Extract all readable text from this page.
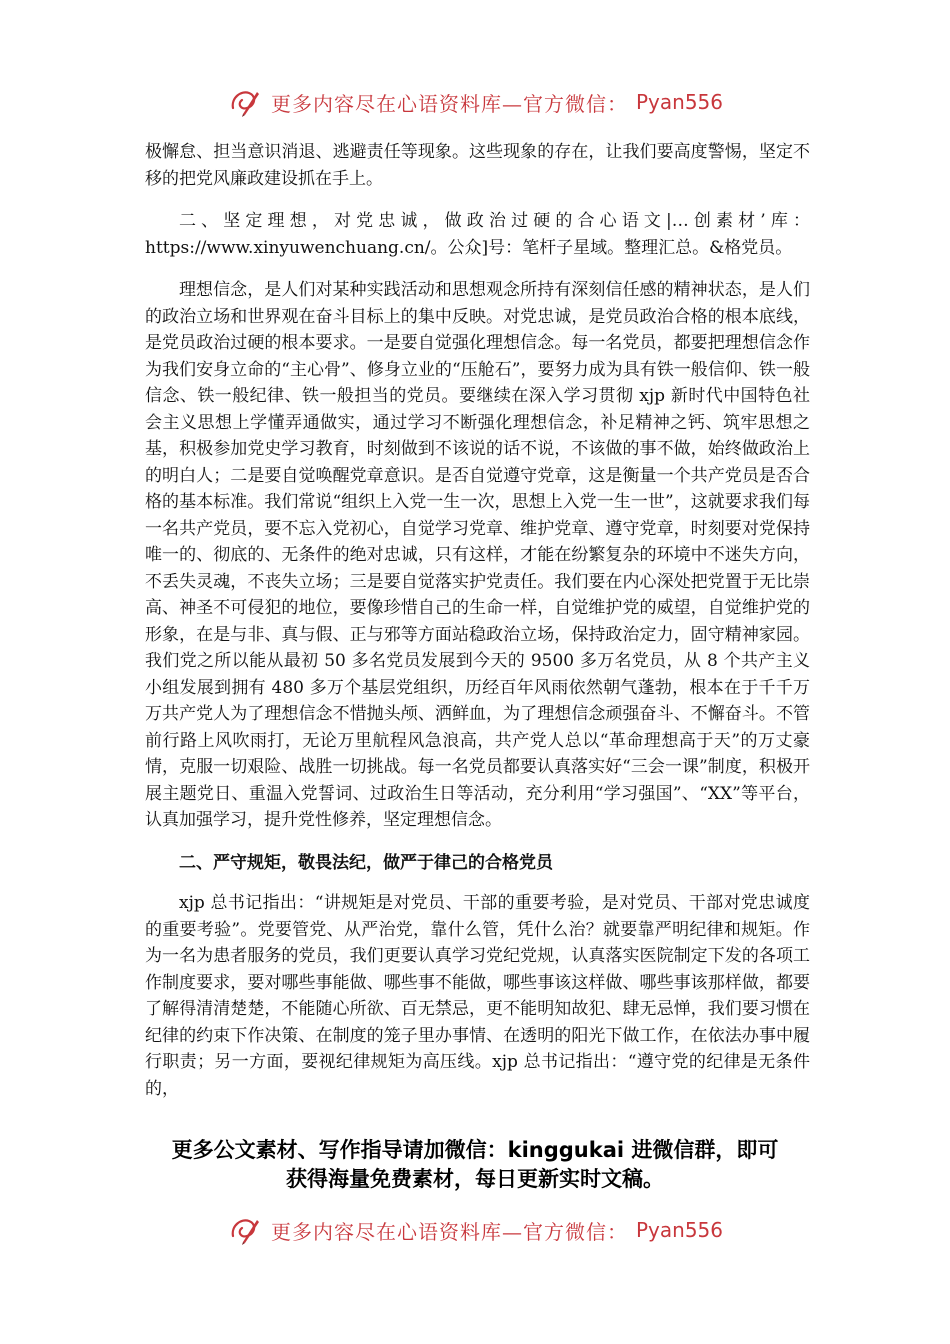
更多内容尽在心语资料库—官方微信： Pyan556

极懈怠、担当意识消退、逃避责任等现象。这些现象的存在，让我们要高度警惕，坚定不移的把党风廉政建设抓在手上。

二、坚定理想，对党忠诚，做政治过硬的合心语文|…创素材’库：https://www.xinyuwenchuang.cn/。公众]号：笔杆子星域。整理汇总。&格党员。

理想信念，是人们对某种实践活动和思想观念所持有深刻信任感的精神状态，是人们的政治立场和世界观在奋斗目标上的集中反映。对党忠诚，是党员政治合格的根本底线，是党员政治过硬的根本要求。一是要自觉强化理想信念。每一名党员，都要把理想信念作为我们安身立命的“主心骨”、修身立业的“压舱石”，要努力成为具有铁一般信仰、铁一般信念、铁一般纪律、铁一般担当的党员。要继续在深入学习贯彻 xjp 新时代中国特色社会主义思想上学懂弄通做实，通过学习不断强化理想信念，补足精神之钙、筑牢思想之基，积极参加党史学习教育，时刻做到不该说的话不说，不该做的事不做，始终做政治上的明白人；二是要自觉唤醒党章意识。是否自觉遵守党章，这是衡量一个共产党员是否合格的基本标准。我们常说“组织上入党一生一次，思想上入党一生一世”，这就要求我们每一名共产党员，要不忘入党初心，自觉学习党章、维护党章、遵守党章，时刻要对党保持唯一的、彻底的、无条件的绝对忠诚，只有这样，才能在纷繁复杂的环境中不迷失方向，不丢失灵魂，不丧失立场；三是要自觉落实护党责任。我们要在内心深处把党置于无比崇高、神圣不可侵犯的地位，要像珍惜自己的生命一样，自觉维护党的威望，自觉维护党的形象，在是与非、真与假、正与邪等方面站稳政治立场，保持政治定力，固守精神家园。我们党之所以能从最初 50 多名党员发展到今天的 9500 多万名党员，从 8 个共产主义小组发展到拥有 480 多万个基层党组织，历经百年风雨依然朝气蓬勃，根本在于千千万万共产党人为了理想信念不惜抛头颅、洒鲜血，为了理想信念顽强奋斗、不懈奋斗。不管前行路上风吹雨打，无论万里航程风急浪高，共产党人总以“革命理想高于天”的万丈豪情，克服一切艰险、战胜一切挑战。每一名党员都要认真落实好“三会一课”制度，积极开展主题党日、重温入党誓词、过政治生日等活动，充分利用“学习强国”、“XX”等平台，认真加强学习，提升党性修养，坚定理想信念。

二、严守规矩，敬畏法纪，做严于律己的合格党员

xjp 总书记指出：“讲规矩是对党员、干部的重要考验，是对党员、干部对党忠诚度的重要考验”。党要管党、从严治党，靠什么管，凭什么治？就要靠严明纪律和规矩。作为一名为患者服务的党员，我们更要认真学习党纪党规，认真落实医院制定下发的各项工作制度要求，要对哪些事能做、哪些事不能做，哪些事该这样做、哪些事该那样做，都要了解得清清楚楚，不能随心所欲、百无禁忌，更不能明知故犯、肆无忌惮，我们要习惯在纪律的约束下作决策、在制度的笼子里办事情、在透明的阳光下做工作，在依法办事中履行职责；另一方面，要视纪律规矩为高压线。xjp 总书记指出：“遵守党的纪律是无条件的，

更多公文素材、写作指导请加微信：kinggukai 进微信群，即可
获得海量免费素材，每日更新实时文稿。
更多内容尽在心语资料库—官方微信： Pyan556
